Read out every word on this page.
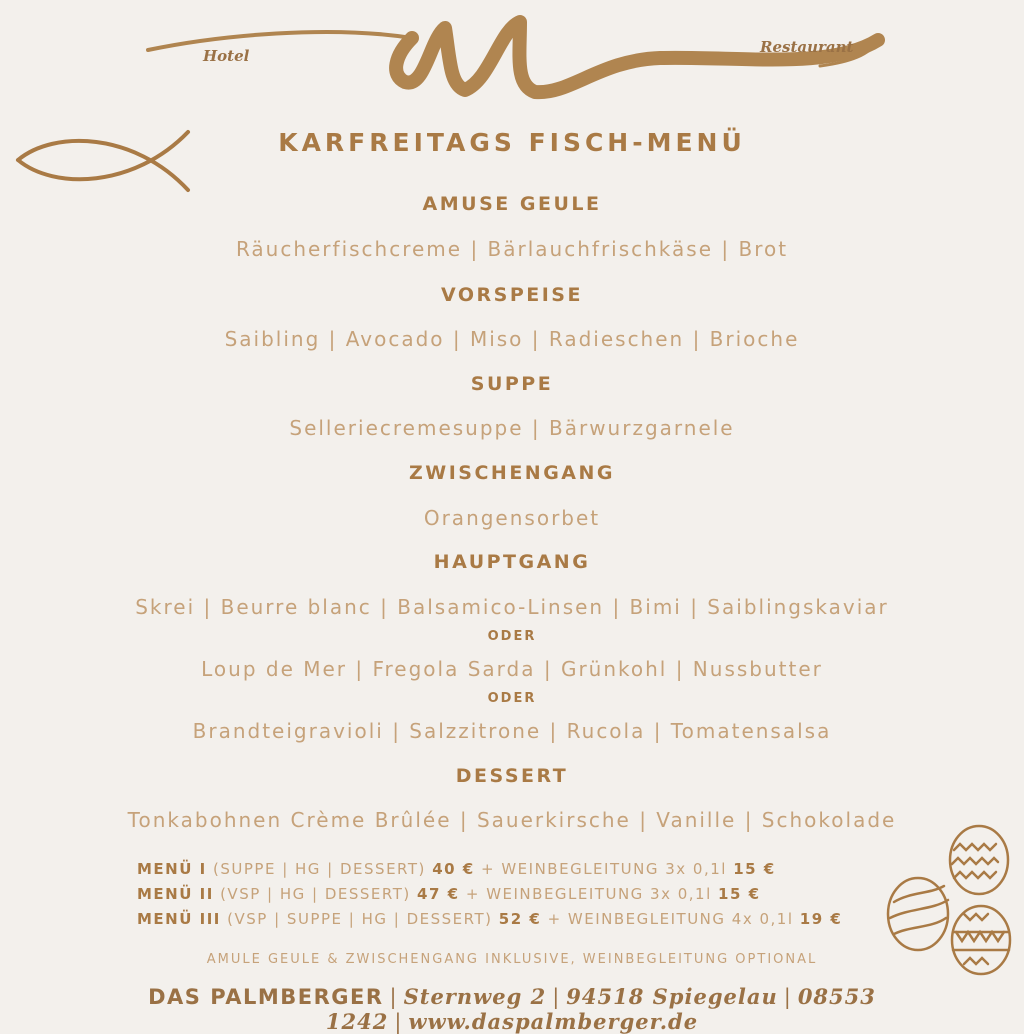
Hotel	Restaurant
KARFREITAGS FISCH-MENÜ
AMUSE GEULE
Räucherfischcreme | Bärlauchfrischkäse | Brot
VORSPEISE
Saibling | Avocado | Miso | Radieschen | Brioche
SUPPE
Selleriecremesuppe | Bärwurzgarnele
ZWISCHENGANG
Orangensorbet
HAUPTGANG
Skrei | Beurre blanc | Balsamico-Linsen | Bimi | Saiblingskaviar
ODER
Loup de Mer | Fregola Sarda | Grünkohl | Nussbutter
ODER
Brandteigravioli | Salzzitrone | Rucola | Tomatensalsa
DESSERT
Tonkabohnen Crème Brûlée | Sauerkirsche | Vanille | Schokolade
MENÜ I (SUPPE | HG | DESSERT) 40 € + WEINBEGLEITUNG 3x 0,1l 15 €
MENÜ II (VSP | HG | DESSERT) 47 € + WEINBEGLEITUNG 3x 0,1l 15 €
MENÜ III (VSP | SUPPE | HG | DESSERT) 52 € + WEINBEGLEITUNG 4x 0,1l 19 €
AMULE GEULE & ZWISCHENGANG INKLUSIVE, WEINBEGLEITUNG OPTIONAL
DAS PALMBERGER | Sternweg 2 | 94518 Spiegelau | 08553 1242 | www.daspalmberger.de
